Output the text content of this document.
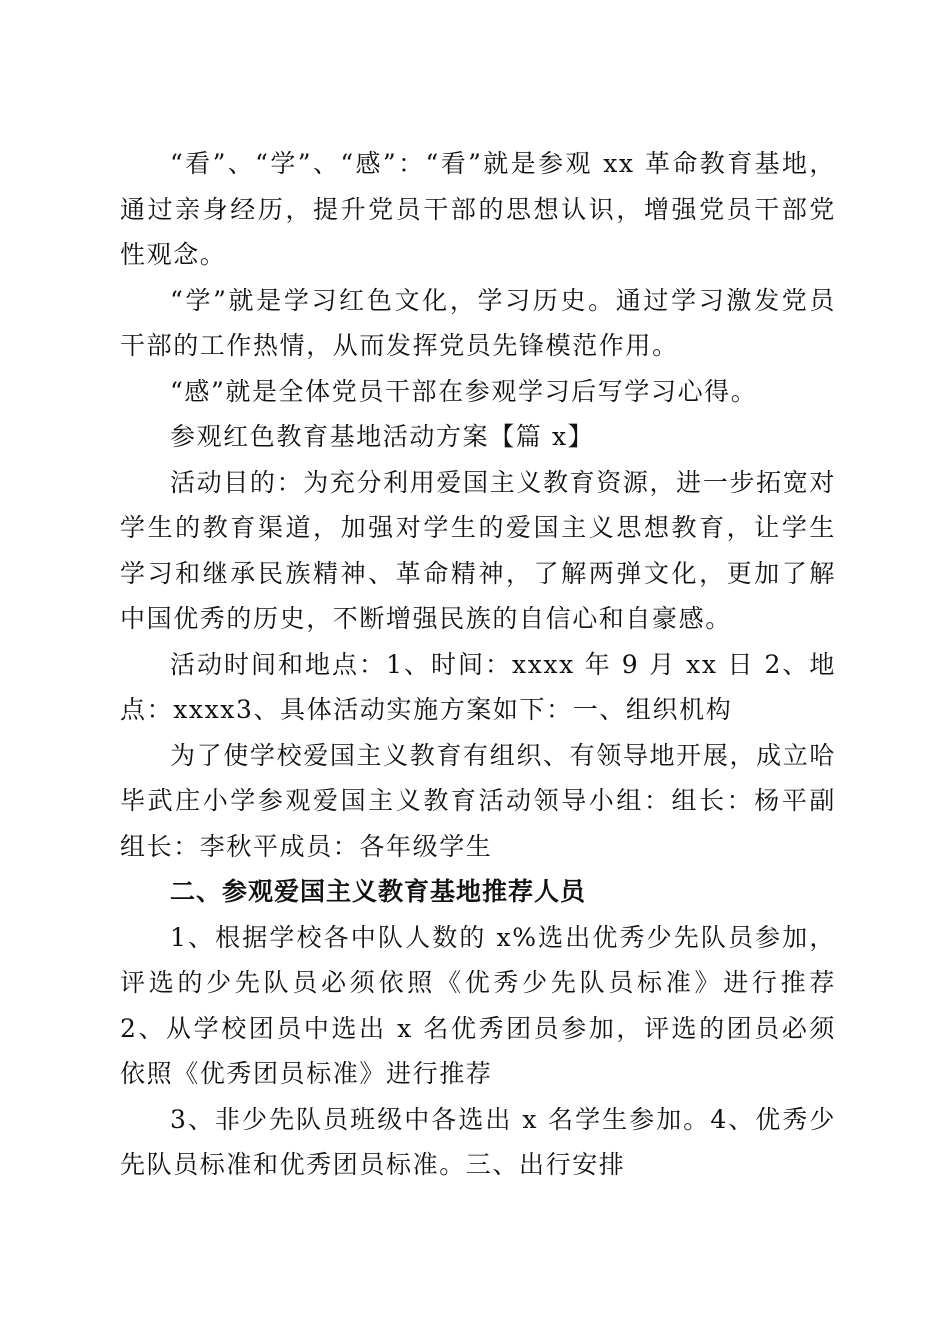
“看”、“学”、“感”：“看”就是参观 xx 革命教育基地，通过亲身经历，提升党员干部的思想认识，增强党员干部党性观念。

“学”就是学习红色文化，学习历史。通过学习激发党员干部的工作热情，从而发挥党员先锋模范作用。

“感”就是全体党员干部在参观学习后写学习心得。

参观红色教育基地活动方案【篇 x】

活动目的：为充分利用爱国主义教育资源，进一步拓宽对学生的教育渠道，加强对学生的爱国主义思想教育，让学生学习和继承民族精神、革命精神，了解两弹文化，更加了解中国优秀的历史，不断增强民族的自信心和自豪感。

活动时间和地点：1、时间：xxxx 年 9 月 xx 日 2、地点：xxxx3、具体活动实施方案如下：一、组织机构

为了使学校爱国主义教育有组织、有领导地开展，成立哈毕武庄小学参观爱国主义教育活动领导小组：组长：杨平副组长：李秋平成员：各年级学生

二、参观爱国主义教育基地推荐人员

1、根据学校各中队人数的 x%选出优秀少先队员参加，评选的少先队员必须依照《优秀少先队员标准》进行推荐 2、从学校团员中选出 x 名优秀团员参加，评选的团员必须依照《优秀团员标准》进行推荐

3、非少先队员班级中各选出 x 名学生参加。4、优秀少先队员标准和优秀团员标准。三、出行安排
